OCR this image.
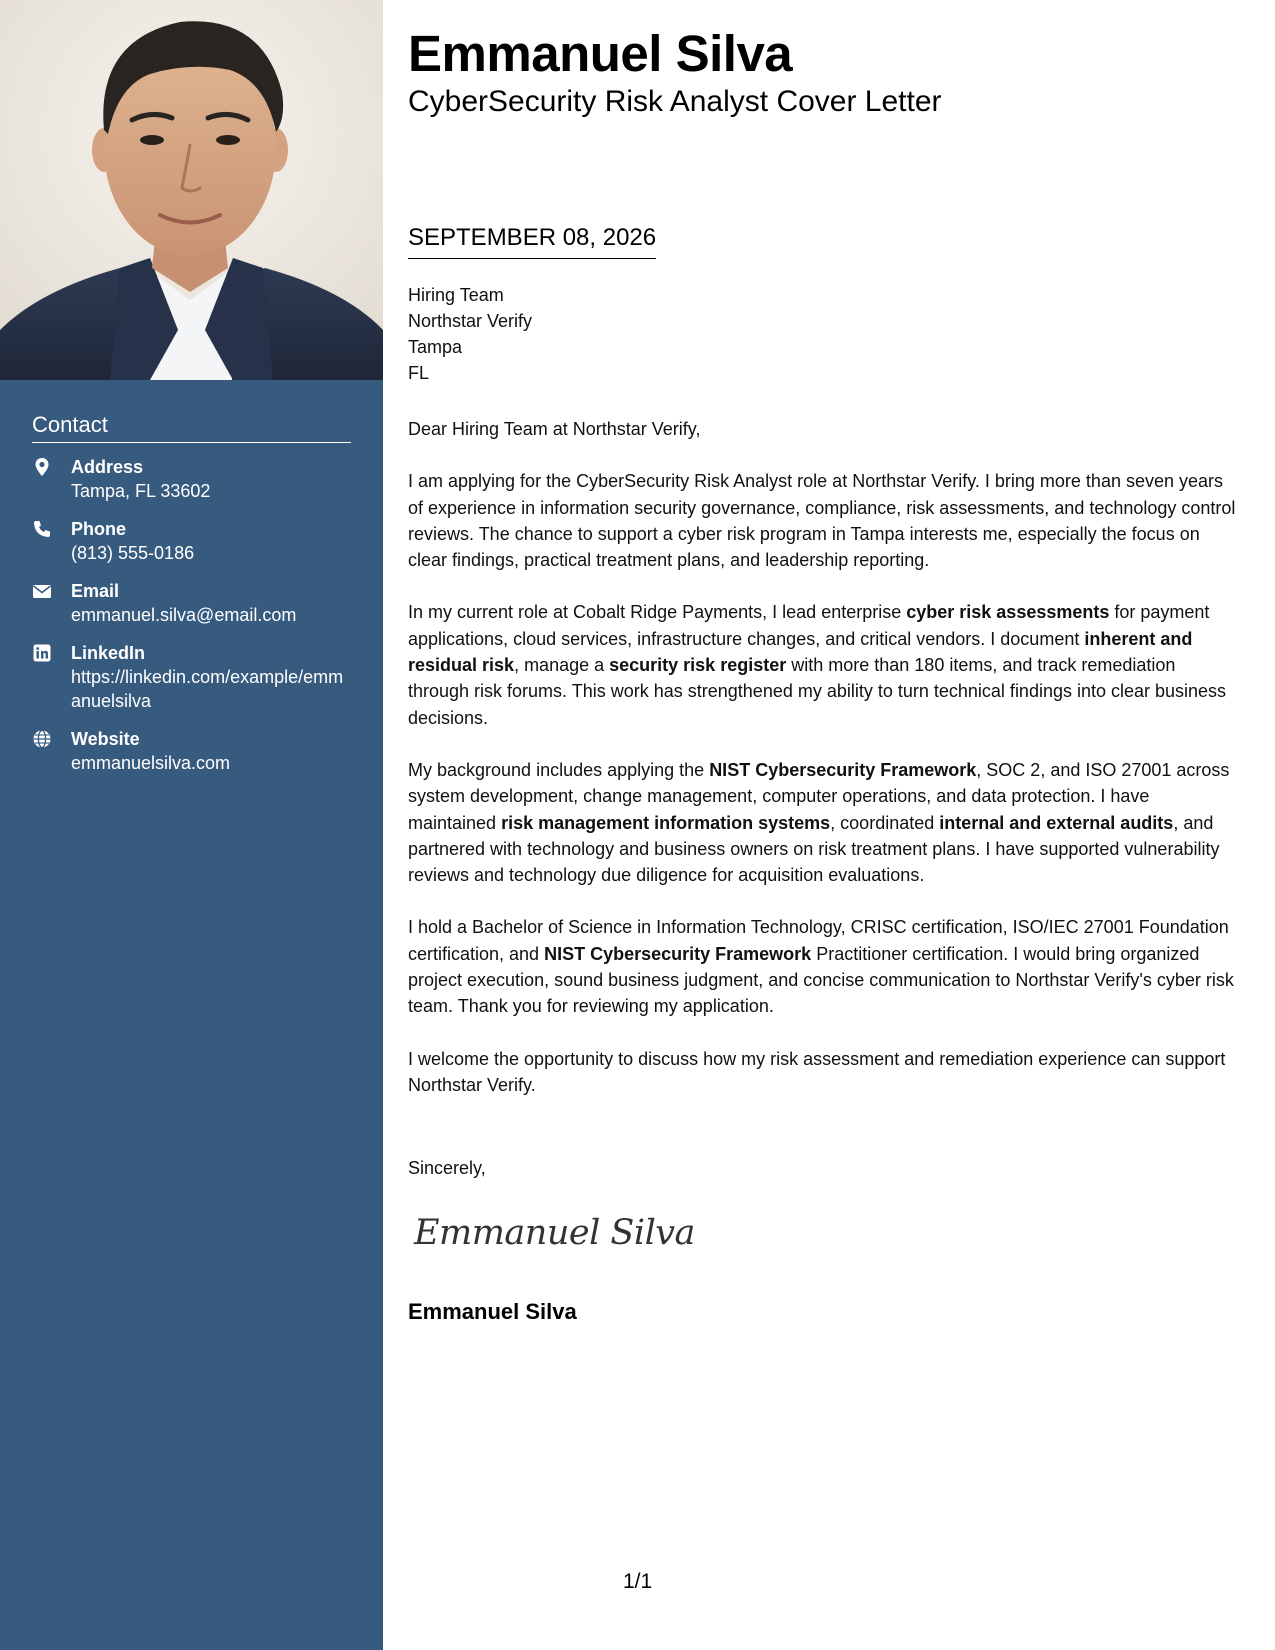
Contact
Address
Tampa, FL 33602
Phone
(813) 555-0186
Email
emmanuel.silva@email.com
LinkedIn
https://linkedin.com/example/emmanuelsilva
Website
emmanuelsilva.com
Emmanuel Silva
CyberSecurity Risk Analyst Cover Letter
SEPTEMBER 08, 2026
Hiring Team
Northstar Verify
Tampa
FL

Dear Hiring Team at Northstar Verify,

I am applying for the CyberSecurity Risk Analyst role at Northstar Verify. I bring more than seven years of experience in information security governance, compliance, risk assessments, and technology control reviews. The chance to support a cyber risk program in Tampa interests me, especially the focus on clear findings, practical treatment plans, and leadership reporting.

In my current role at Cobalt Ridge Payments, I lead enterprise cyber risk assessments for payment applications, cloud services, infrastructure changes, and critical vendors. I document inherent and residual risk, manage a security risk register with more than 180 items, and track remediation through risk forums. This work has strengthened my ability to turn technical findings into clear business decisions.

My background includes applying the NIST Cybersecurity Framework, SOC 2, and ISO 27001 across system development, change management, computer operations, and data protection. I have maintained risk management information systems, coordinated internal and external audits, and partnered with technology and business owners on risk treatment plans. I have supported vulnerability reviews and technology due diligence for acquisition evaluations.

I hold a Bachelor of Science in Information Technology, CRISC certification, ISO/IEC 27001 Foundation certification, and NIST Cybersecurity Framework Practitioner certification. I would bring organized project execution, sound business judgment, and concise communication to Northstar Verify's cyber risk team. Thank you for reviewing my application.

I welcome the opportunity to discuss how my risk assessment and remediation experience can support Northstar Verify.

Sincerely,
Emmanuel Silva
Emmanuel Silva
1/1
